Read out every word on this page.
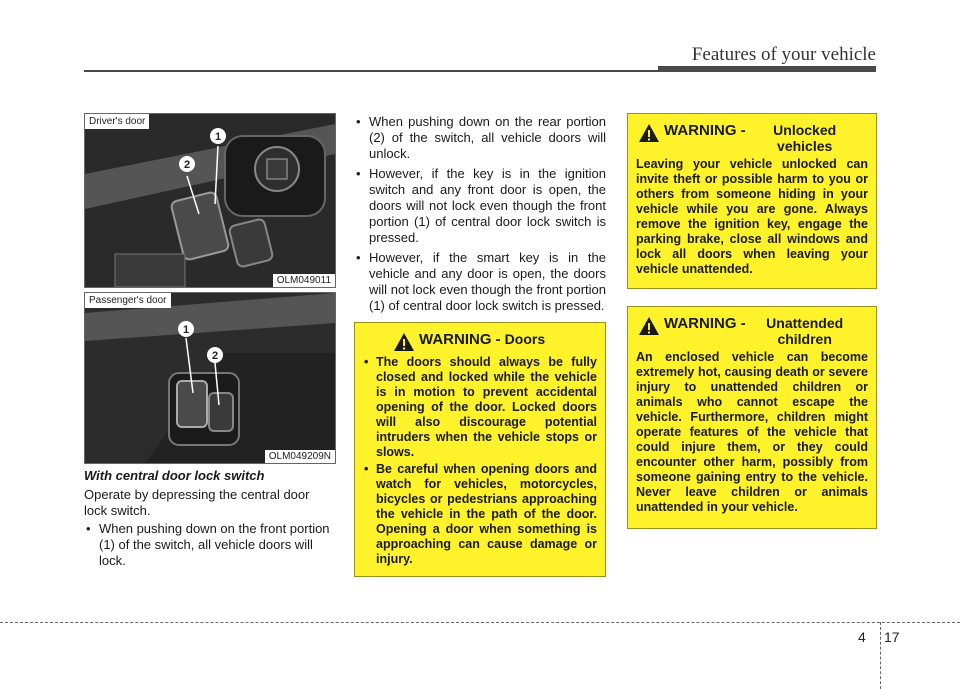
Features of your vehicle
2
1
Driver's door
OLM049011
1
2
Passenger's door
OLM049209N
With central door lock switch
Operate by depressing the central door lock switch.
• When pushing down on the front portion (1) of the switch, all vehicle doors will lock.
• When pushing down on the rear portion (2) of the switch, all vehicle doors will unlock.
• However, if the key is in the ignition switch and any front door is open, the doors will not lock even though the front portion (1) of central door lock switch is pressed.
• However, if the smart key is in the vehicle and any door is open, the doors will not lock even though the front portion (1) of central door lock switch is pressed.
WARNING - Doors
• The doors should always be fully closed and locked while the vehicle is in motion to prevent accidental opening of the door. Locked doors will also discourage potential intruders when the vehicle stops or slows.
• Be careful when opening doors and watch for vehicles, motorcycles, bicycles or pedestrians approaching the vehicle in the path of the door. Opening a door when something is approaching can cause damage or injury.
WARNING -	Unlocked vehicles
Leaving your vehicle unlocked can invite theft or possible harm to you or others from someone hiding in your vehicle while you are gone. Always remove the ignition key, engage the parking brake, close all windows and lock all doors when leaving your vehicle unattended.
WARNING -	Unattended children
An enclosed vehicle can become extremely hot, causing death or severe injury to unattended children or animals who cannot escape the vehicle. Furthermore, children might operate features of the vehicle that could injure them, or they could encounter other harm, possibly from someone gaining entry to the vehicle. Never leave children or animals unattended in your vehicle.
4 17
